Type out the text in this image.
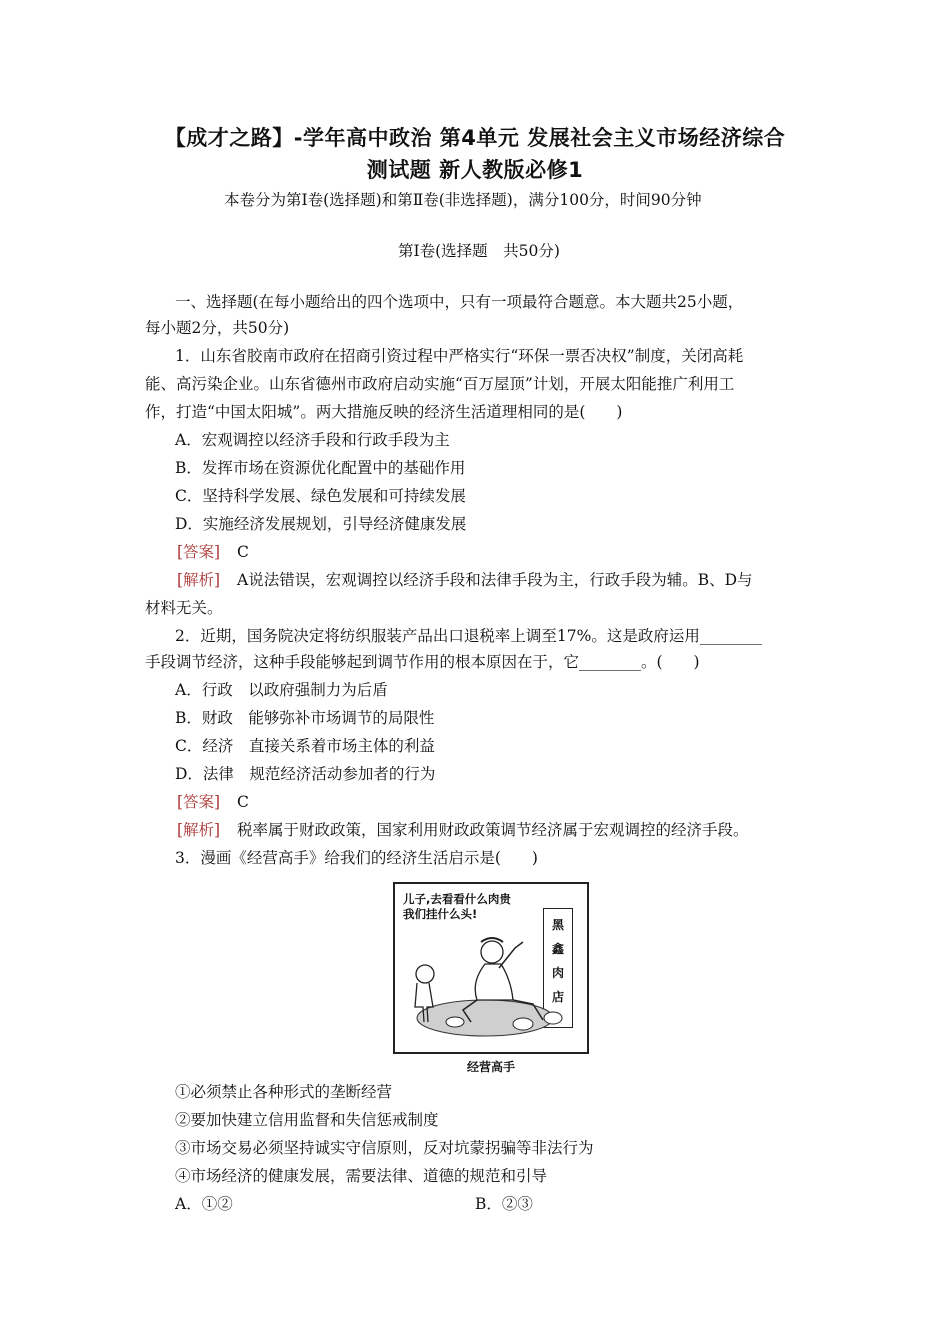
【成才之路】-学年高中政治 第4单元 发展社会主义市场经济综合
测试题 新人教版必修1
本卷分为第Ⅰ卷(选择题)和第Ⅱ卷(非选择题)，满分100分，时间90分钟
第Ⅰ卷(选择题　共50分)
一、选择题(在每小题给出的四个选项中，只有一项最符合题意。本大题共25小题，
每小题2分，共50分)
1．山东省胶南市政府在招商引资过程中严格实行“环保一票否决权”制度，关闭高耗
能、高污染企业。山东省德州市政府启动实施“百万屋顶”计划，开展太阳能推广利用工
作，打造“中国太阳城”。两大措施反映的经济生活道理相同的是(　　)
A．宏观调控以经济手段和行政手段为主
B．发挥市场在资源优化配置中的基础作用
C．坚持科学发展、绿色发展和可持续发展
D．实施经济发展规划，引导经济健康发展
[答案] C
[解析] A说法错误，宏观调控以经济手段和法律手段为主，行政手段为辅。B、D与
材料无关。
2．近期，国务院决定将纺织服装产品出口退税率上调至17%。这是政府运用________
手段调节经济，这种手段能够起到调节作用的根本原因在于，它________。(　　)
A．行政　以政府强制力为后盾
B．财政　能够弥补市场调节的局限性
C．经济　直接关系着市场主体的利益
D．法律　规范经济活动参加者的行为
[答案] C
[解析] 税率属于财政政策，国家利用财政政策调节经济属于宏观调控的经济手段。
3．漫画《经营高手》给我们的经济生活启示是(　　)
儿子,去看看什么肉贵
我们挂什么头!
黑
鑫
肉
店
经营高手
①必须禁止各种形式的垄断经营
②要加快建立信用监督和失信惩戒制度
③市场交易必须坚持诚实守信原则，反对坑蒙拐骗等非法行为
④市场经济的健康发展，需要法律、道德的规范和引导
A．①②	B．②③
